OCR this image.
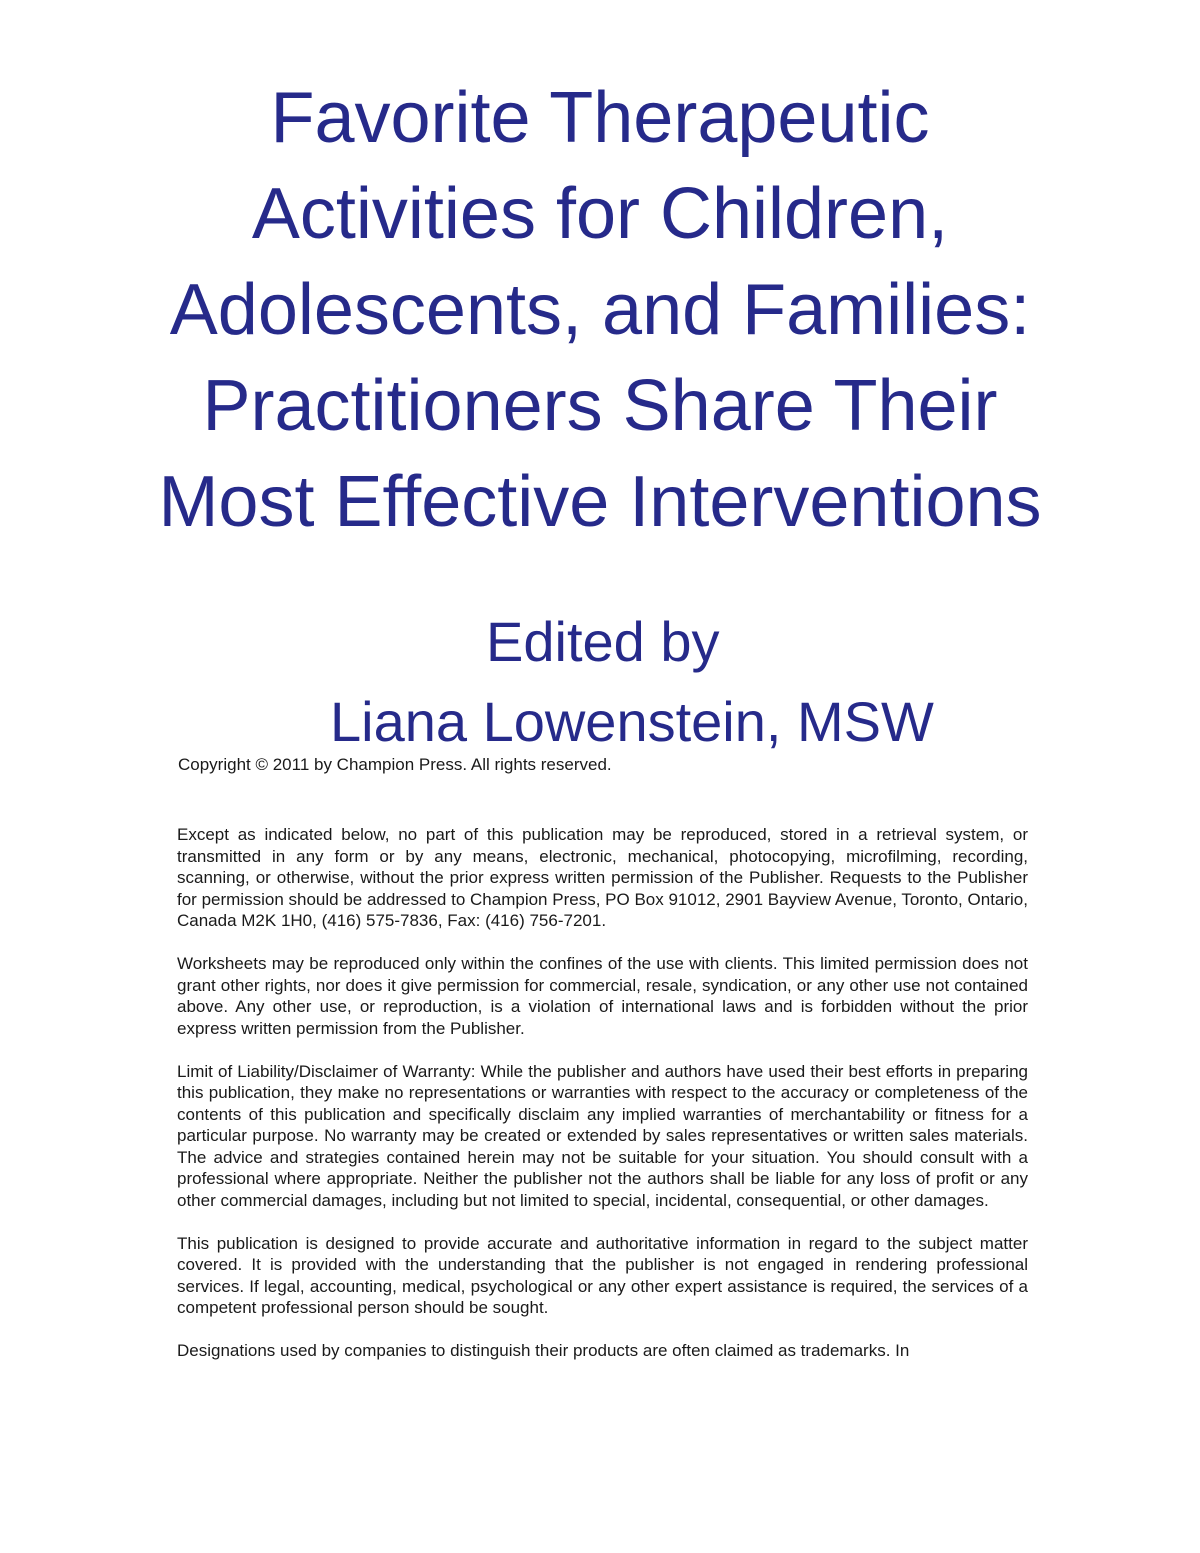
Favorite Therapeutic
Activities for Children,
Adolescents, and Families:
Practitioners Share Their
Most Effective Interventions
Edited by
Liana Lowenstein, MSW
Copyright © 2011 by Champion Press. All rights reserved.

Except as indicated below, no part of this publication may be reproduced, stored in a retrieval system, or transmitted in any form or by any means, electronic, mechanical, photocopying, microfilming, recording, scanning, or otherwise, without the prior express written permission of the Publisher. Requests to the Publisher for permission should be addressed to Champion Press, PO Box 91012, 2901 Bayview Avenue, Toronto, Ontario, Canada M2K 1H0, (416) 575-7836, Fax: (416) 756-7201.

Worksheets may be reproduced only within the confines of the use with clients. This limited permission does not grant other rights, nor does it give permission for commercial, resale, syndication, or any other use not contained above. Any other use, or reproduction, is a violation of international laws and is forbidden without the prior express written permission from the Publisher.

Limit of Liability/Disclaimer of Warranty: While the publisher and authors have used their best efforts in preparing this publication, they make no representations or warranties with respect to the accuracy or completeness of the contents of this publication and specifically disclaim any implied warranties of merchantability or fitness for a particular purpose. No warranty may be created or extended by sales representatives or written sales materials. The advice and strategies contained herein may not be suitable for your situation. You should consult with a professional where appropriate. Neither the publisher not the authors shall be liable for any loss of profit or any other commercial damages, including but not limited to special, incidental, consequential, or other damages.

This publication is designed to provide accurate and authoritative information in regard to the subject matter covered. It is provided with the understanding that the publisher is not engaged in rendering professional services. If legal, accounting, medical, psychological or any other expert assistance is required, the services of a competent professional person should be sought.

Designations used by companies to distinguish their products are often claimed as trademarks. In
